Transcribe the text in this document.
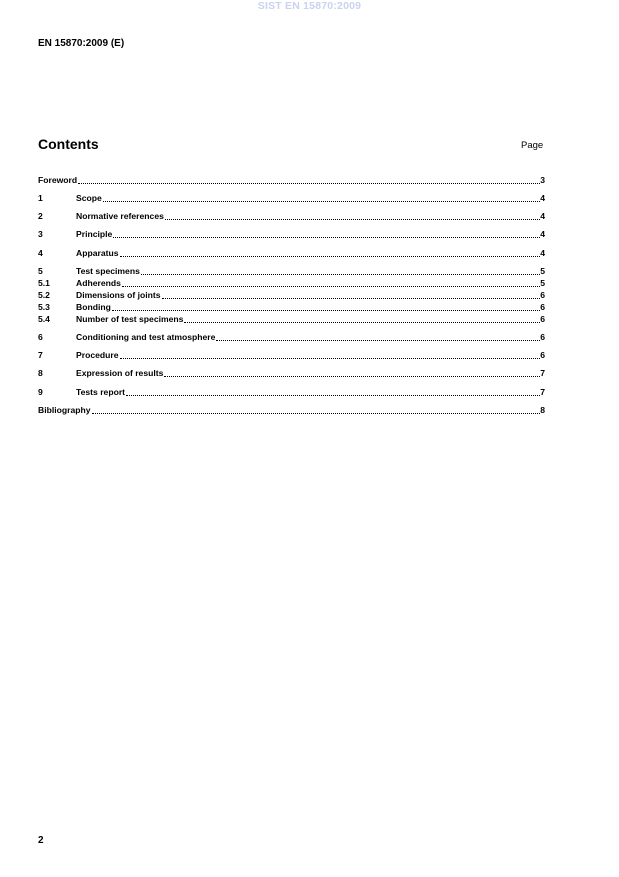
SIST EN 15870:2009
EN 15870:2009 (E)
Contents	Page
Foreword	3
1	Scope	4
2	Normative references	4
3	Principle	4
4	Apparatus	4
5	Test specimens	5
5.1	Adherends	5
5.2	Dimensions of joints	6
5.3	Bonding	6
5.4	Number of test specimens	6
6	Conditioning and test atmosphere	6
7	Procedure	6
8	Expression of results	7
9	Tests report	7
Bibliography	8
2
